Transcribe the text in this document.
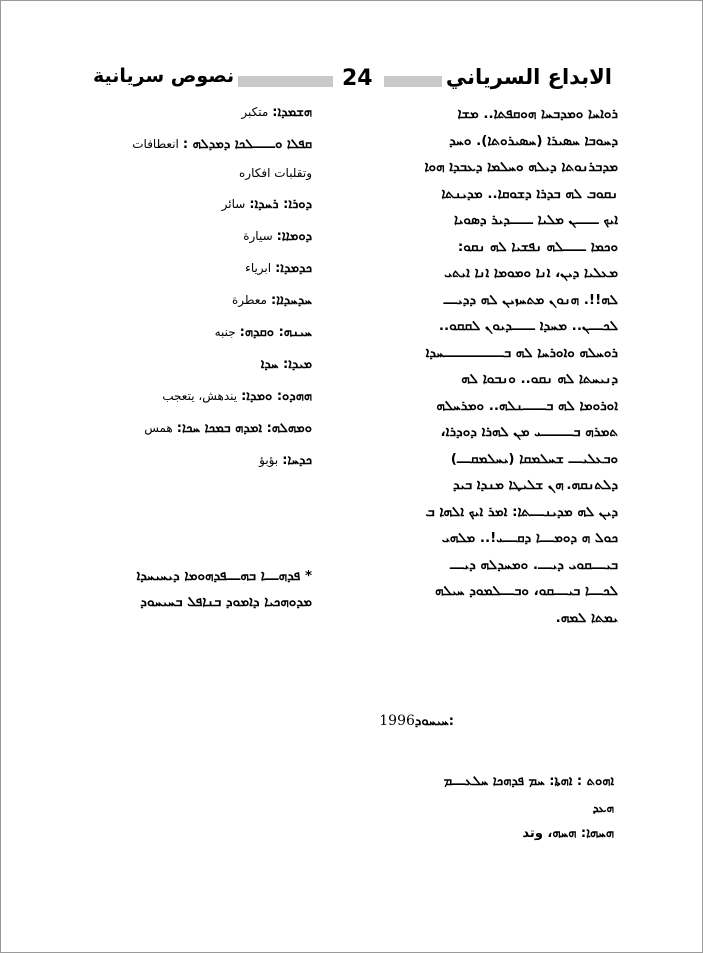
نصوص سريانية	24	الابداع السرياني
ܪܘܐܚܐ ܘܡܕܒܚܐ ܗܘܩܦܬܐ.. ܡܫܐ
ܕܚܘܒܐ ܚܣܝܪܐ (ܚܣܝܪܘܬܐ). ܘܚܕ
ܡܕܒܪܢܘܬܐ ܕܝܠܗ ܘܚܠܡܐ ܕܥܒܕܐ ܗܘܐ
ܢܩܘܒ ܠܗ ܒܕܪܐ ܕܫܘܩܐ.. ܡܕܝܢܬܐ
ܐܝܟ ـــــܢ ܡܠܝܐ ـــــܕܝܪ ܕܣܘܝܐ
ܘܟܡܐ ـــــܠܗ ܢܦܫܝܐ ܠܗ ܢܩܘ:
ܡܥܠܝܐ ܕܝܢ، ܐܢܐ ܘܡܘܡܐ ܐܢܐ ܐܝܬܝ
ܠܗ!!. ܗܢܘܢ ܡܬܚܙܝܢ ܠܗ ܕܕܝـــ
ܠܟـــܢ.. ܡܚܕܐ ـــــܕܝܘܢ ܠܩܩܘ..
ܪܘܚܠܗ ܘܐܘܪܚܐ ܠܗ ܒـــــــــــــܚܕܐ
ܕܢܝܚܬܐ ܠܗ ܢܩܘ.. ܘܢܒܘܐ ܠܗ
ܐܘܪܘܡܐ ܠܗ ܒـــــܢܠܗ.. ܘܡܪܚܠܗ
ܬܡܪܗ ܒـــــــܝ ܡܢ ܠܗܪܐ ܕܘܕܪܐ،
ܘܒܥܠܝـــ ܫܚܠܡܩܐ (ܝܚܠܡܩـــ)
ܕܠܬܢܩܗ. ܗܢ ܫܠܝܛܐ ܡܢܕܐ ܒܝܕ
ܕܝܢ ܠܗ ܡܕܝܢـــܬܐ: ܐܡܪ ܐܝܟ ܐܠܗܐ ܒ
ܟܘܠ ܗ ܕܘܡـــܐ ܕܩـــܝ!.. ܡܠܗܝ
ܒܝـــܩܘܝ ܕܝـــ. ܘܡܚܕܠܗ ܕܝـــ
ܠܟـــܐ ܒܝـــܩܘ، ܘܒـــܠܡܘܕ ܚܝܠܗ
ܝܡܬܐ ܠܡܗ.
ܗܫܡܕܐ: متكبر
ܩܦܠܐ ܘـــــܠܟܐ ܕܡܕܠܗ : انعطافات
وتقلبات افكاره
ܕܘܪܐ: ܪܚܕܐ: سائر
ܕܘܡܐܐ: سيارة
ܟܕܡܕܐ: ابرياء
ܚܕܚܕܐܐ: معطرة
ܚܝܢܗ: ܘܩܕܗ: جنبه
ܡܝܕܐ: ܚܕܐ
ܗܗܕܘ: ܘܡܕܐ: يندهش، يتعجب
ܘܡܗܠܗ: ܐܡܕܗ ܒܡܟܐ ܚܟܐ: همس
ܟܕܚܐ: بؤبؤ
* ܦܕܗـــܐ ܒܗـــܦܕܗܘܡܐ ܕܝܚܝܚܕܐ
ܡܕܘܗܟܝܐ ܕܐܡܘܕ ܒܢܐܦܠ ܒܚܝܚܘܕ
1996ܚܝܚܘܕ:
ܐܗܘܬ : ܐܗܬܐ: ܚܡ ܦܕܗܟܐ ܚܠܥـــܡ
ܗܥܕ
ܗܚܗܐ: ܗܚܗ، وتد
